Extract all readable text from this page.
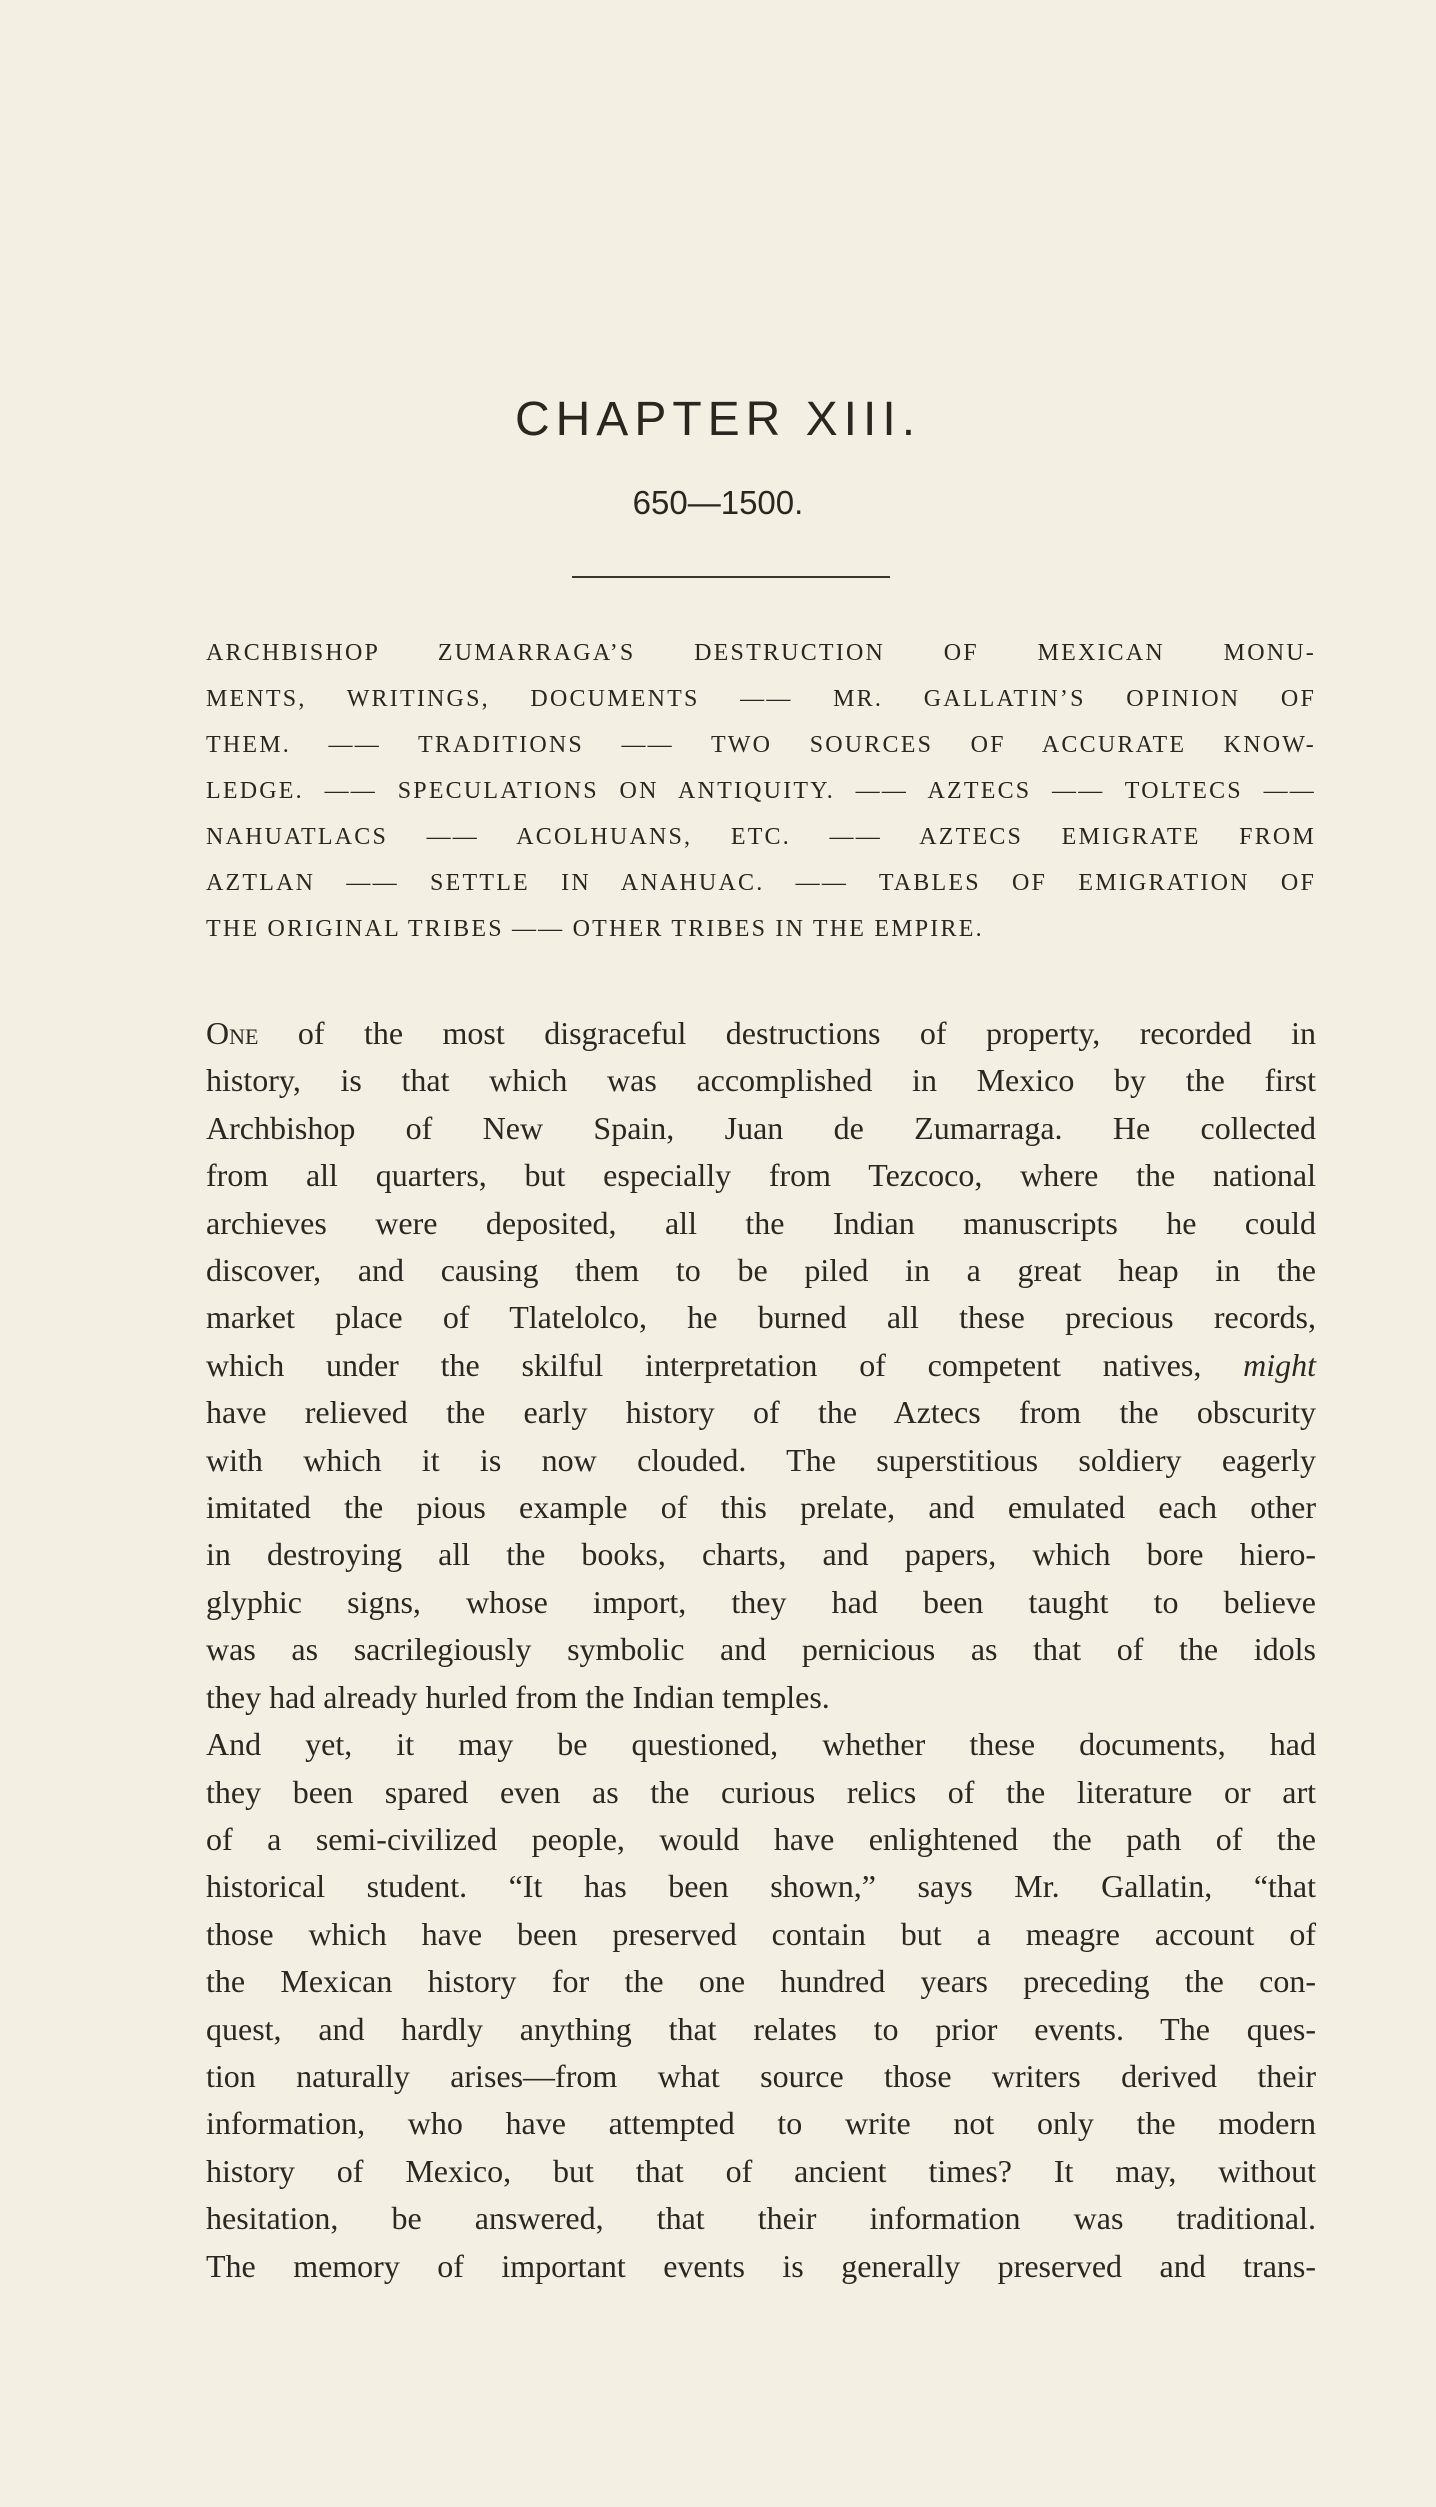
CHAPTER XIII.
650—1500.
ARCHBISHOP ZUMARRAGA’S DESTRUCTION OF MEXICAN MONU-
MENTS, WRITINGS, DOCUMENTS —— MR. GALLATIN’S OPINION OF
THEM. —— TRADITIONS —— TWO SOURCES OF ACCURATE KNOW-
LEDGE. —— SPECULATIONS ON ANTIQUITY. —— AZTECS —— TOLTECS ——
NAHUATLACS —— ACOLHUANS, ETC. —— AZTECS EMIGRATE FROM
AZTLAN —— SETTLE IN ANAHUAC. —— TABLES OF EMIGRATION OF
THE ORIGINAL TRIBES —— OTHER TRIBES IN THE EMPIRE.
One of the most disgraceful destructions of property, recorded in
history, is that which was accomplished in Mexico by the first
Archbishop of New Spain, Juan de Zumarraga. He collected
from all quarters, but especially from Tezcoco, where the national
archieves were deposited, all the Indian manuscripts he could
discover, and causing them to be piled in a great heap in the
market place of Tlatelolco, he burned all these precious records,
which under the skilful interpretation of competent natives, might
have relieved the early history of the Aztecs from the obscurity
with which it is now clouded. The superstitious soldiery eagerly
imitated the pious example of this prelate, and emulated each other
in destroying all the books, charts, and papers, which bore hiero-
glyphic signs, whose import, they had been taught to believe
was as sacrilegiously symbolic and pernicious as that of the idols
they had already hurled from the Indian temples.
And yet, it may be questioned, whether these documents, had
they been spared even as the curious relics of the literature or art
of a semi-civilized people, would have enlightened the path of the
historical student. “It has been shown,” says Mr. Gallatin, “that
those which have been preserved contain but a meagre account of
the Mexican history for the one hundred years preceding the con-
quest, and hardly anything that relates to prior events. The ques-
tion naturally arises—from what source those writers derived their
information, who have attempted to write not only the modern
history of Mexico, but that of ancient times? It may, without
hesitation, be answered, that their information was traditional.
The memory of important events is generally preserved and trans-
